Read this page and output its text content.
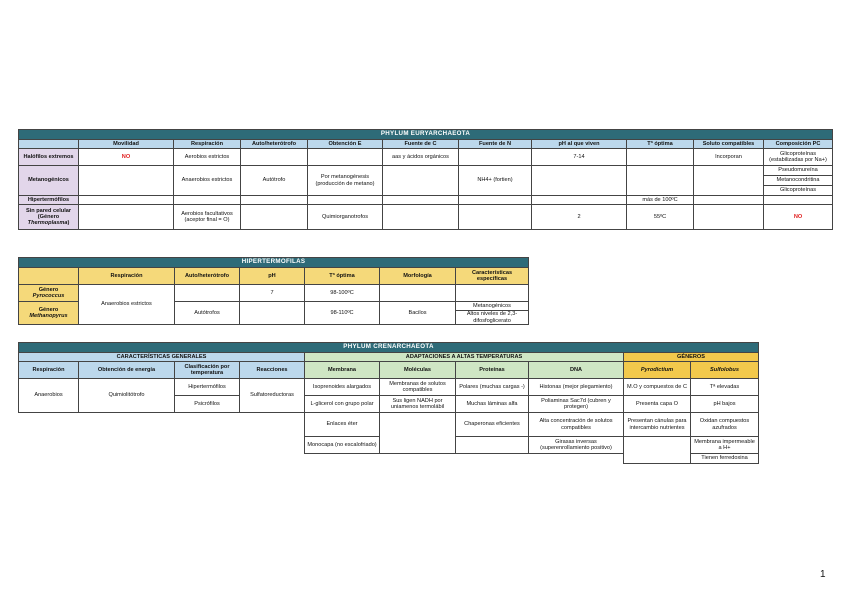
PHYLUM EURYARCHAEOTA										
	Movilidad	Respiración	Auto/heterótrofo	Obtención E	Fuente de C	Fuente de N	pH al que viven	Tª óptima	Soluto compatibles	Composición PC
Halófilos extremos	NO	Aerobios estrictos			aas y ácidos orgánicos		7-14		Incorporan	Glicoproteínas (estabilizadas por Na+)
Metanogénicos		Anaerobios estrictos	Autótrofo	Por metanogénesis (producción de metano)		NH4+ (fortien)				Pseudomureína
										Metanocondritina
										Glicoproteínas
Hipertermófilos								más de 100ºC		
Sin pared celular (Género Thermoplasma)		Aerobios facultativos (aceptor final = O)		Quimiorganotrofos			2	55ºC		NO
HIPERTERMÓFILAS						
	Respiración	Auto/heterótrofo	pH	Tª óptima	Morfología	Características específicas
Género
Pyrococcus	Anaerobios estrictos		7	98-100ºC		
Género
Methanopyrus		Autótrofos		98-110ºC	Bacilos	Metanogénicos
						Altos niveles de 2,3-difosfoglicerato
PHYLUM CRENARCHAEOTA									
CARACTERÍSTICAS GENERALES				ADAPTACIONES A ALTAS TEMPERATURAS				GÉNEROS	
Respiración	Obtención de energía	Clasificación por temperatura	Reacciones	Membrana	Moléculas	Proteínas	DNA	Pyrodictium	Sulfolobus
Anaerobios	Quimiolitótrofo	Hipertermófilos	Sulfatoreductoras	Isoprenoides alargados	Membranas de solutos compatibles	Polares (muchas cargas -)	Histonas (mejor plegamiento)	M.O y compuestos de C	Tª elevadas
		Psicrófilos		L-glicerol con grupo polar	Sus ligen NADH por uniamenos termolábil	Muchas láminas alfa	Poliaminas Sac7d (cubren y protegen)	Presenta capa O	pH bajos
				Enlaces éter		Chaperonas eficientes	Alta concentración de solutos compatibles	Presentan cánulas para intercambio nutrientes	Oxidan compuestos azufrados
				Monocapa (no escalofriado)			Girasas inversas (superenrollamiento positivo)		Membrana impermeable a H+
									Tienen ferredoxina
1
